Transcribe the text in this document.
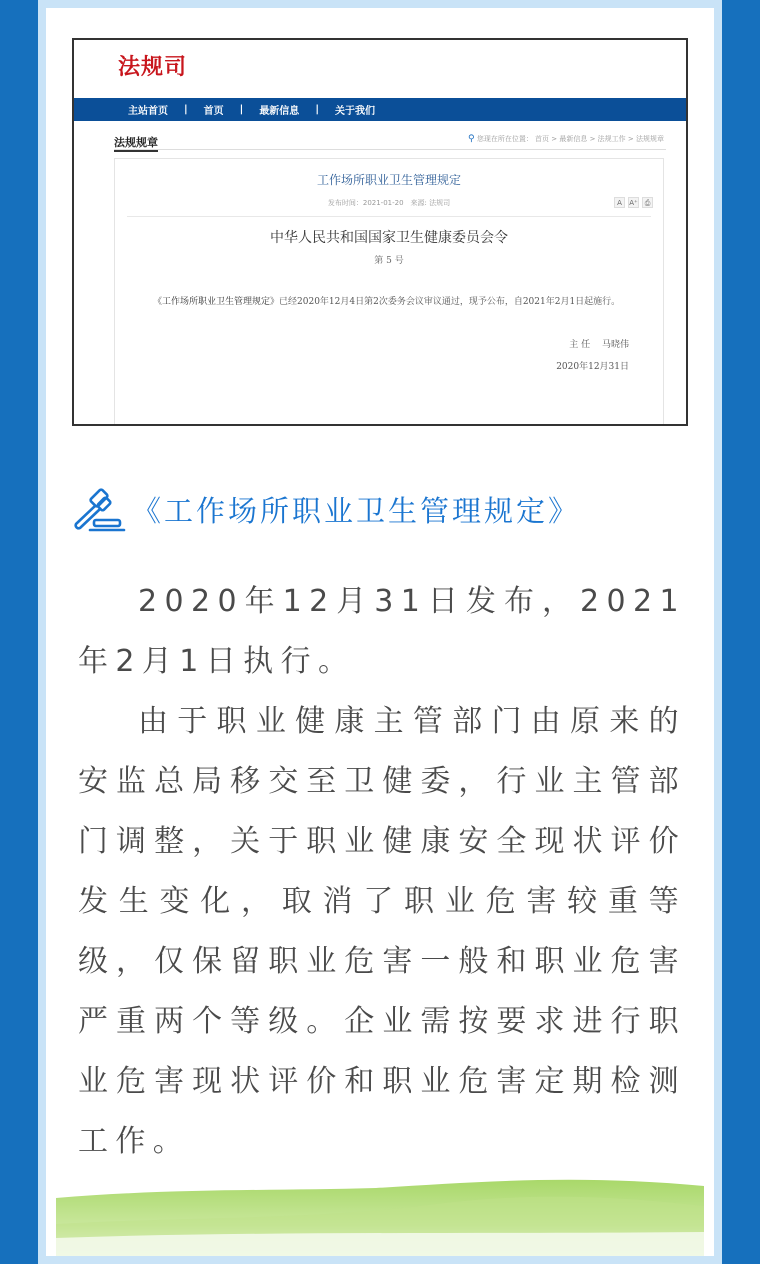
法规司
主站首页 | 首页 | 最新信息 | 关于我们
法规规章	⚲ 您现在所在位置： 首页 > 最新信息 > 法规工作 > 法规规章
工作场所职业卫生管理规定
发布时间：2021-01-20　来源: 法规司	A	A⁺ ⎙
中华人民共和国国家卫生健康委员会令
第 5 号
《工作场所职业卫生管理规定》已经2020年12月4日第2次委务会议审议通过，现予公布，自2021年2月1日起施行。
主 任　 马晓伟
2020年12月31日
《工作场所职业卫生管理规定》

2020年12月31日发布，2021年2月1日执行。

由于职业健康主管部门由原来的安监总局移交至卫健委，行业主管部门调整，关于职业健康安全现状评价发生变化，取消了职业危害较重等级，仅保留职业危害一般和职业危害严重两个等级。企业需按要求进行职业危害现状评价和职业危害定期检测工作。
